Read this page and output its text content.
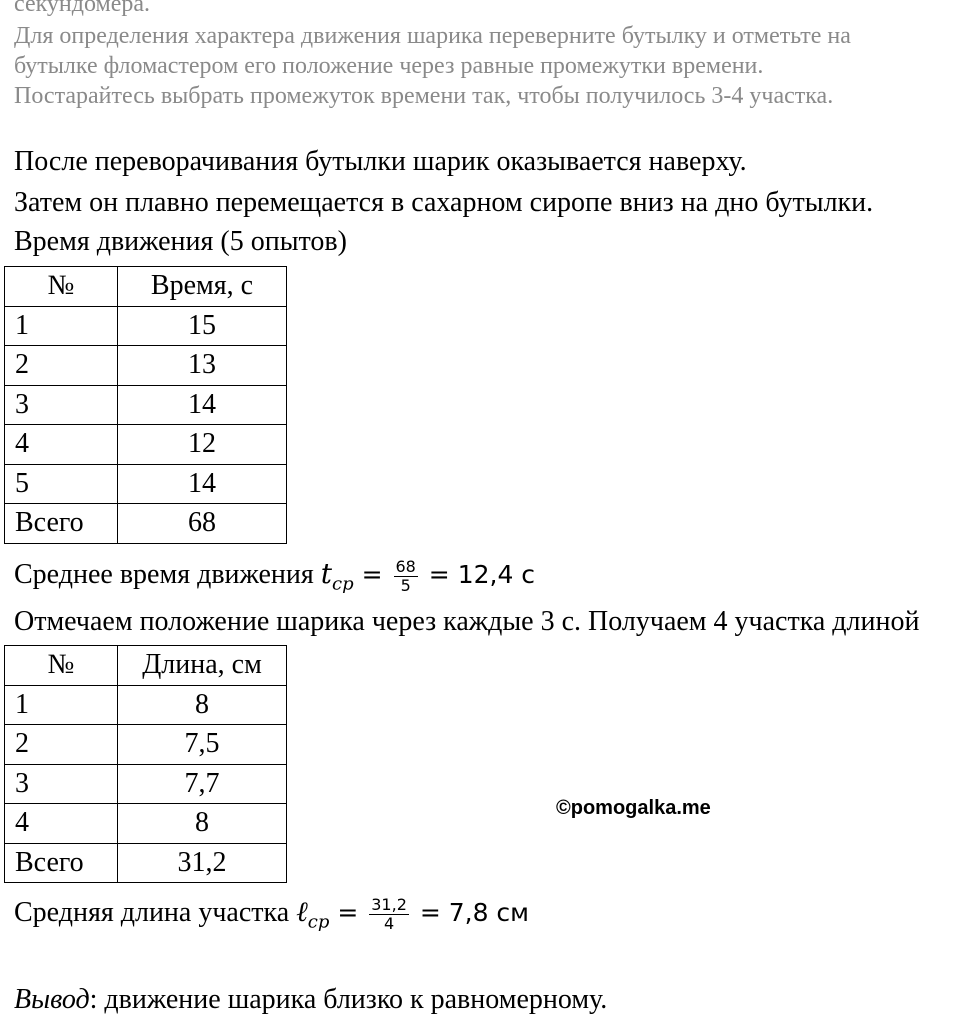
секундомера.

Для определения характера движения шарика переверните бутылку и отметьте на

бутылке фломастером его положение через равные промежутки времени.

Постарайтесь выбрать промежуток времени так, чтобы получилось 3-4 участка.

После переворачивания бутылки шарик оказывается наверху.

Затем он плавно перемещается в сахарном сиропе вниз на дно бутылки.

Время движения (5 опытов)

№	Время, с
1	15
2	13
3	14
4	12
5	14
Всего	68

Среднее время движения $t_{ср} = \frac{68}{5} = 12,4$ с

Отмечаем положение шарика через каждые 3 с. Получаем 4 участка длиной

№	Длина, см
1	8
2	7,5
3	7,7
4	8
Всего	31,2
©pomogalka.me

Средняя длина участка ℓ$_{ср}$ = $\frac{31,2}{4} = 7,8$ см

Вывод: движение шарика близко к равномерному.
